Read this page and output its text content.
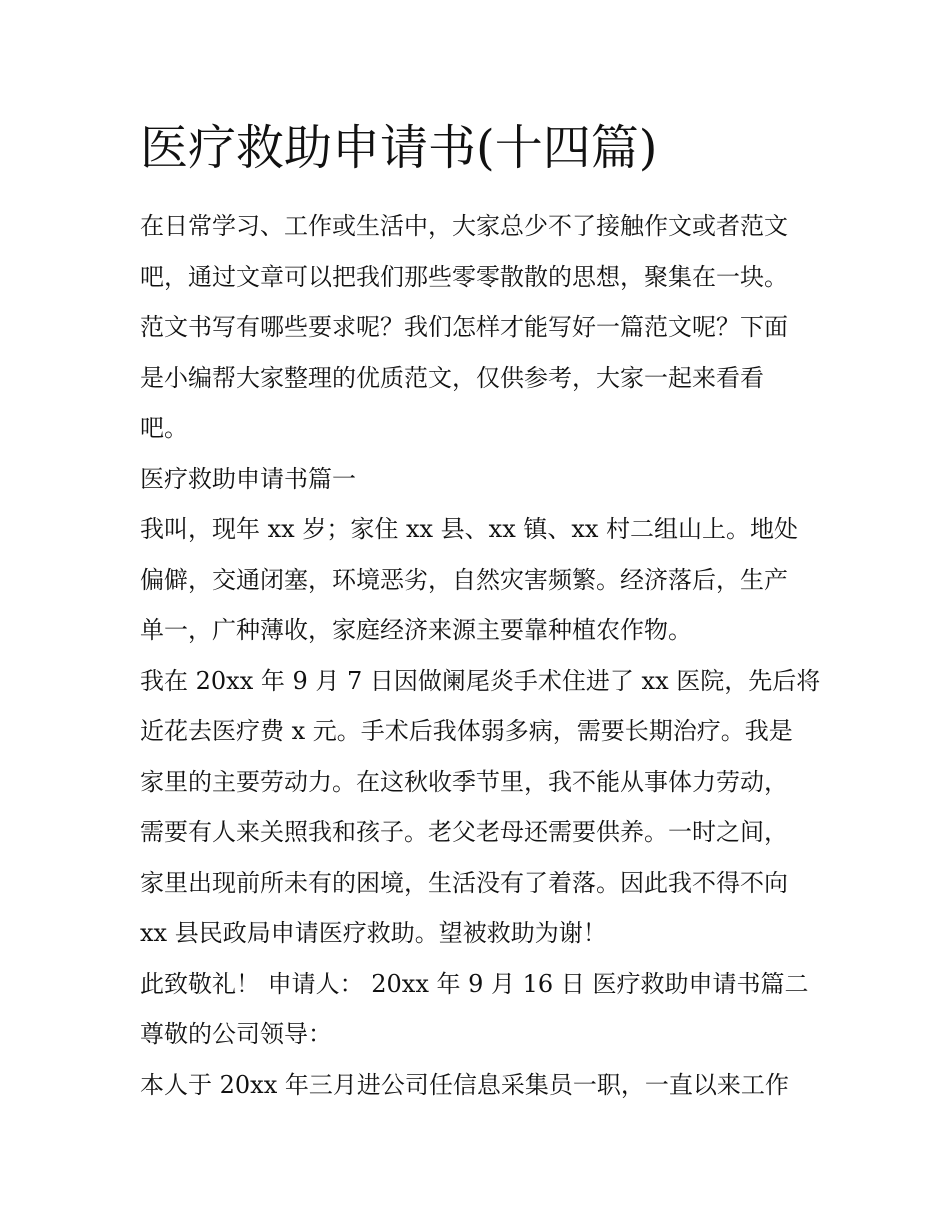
医疗救助申请书(十四篇)
在日常学习、工作或生活中，大家总少不了接触作文或者范文
吧，通过文章可以把我们那些零零散散的思想，聚集在一块。
范文书写有哪些要求呢？我们怎样才能写好一篇范文呢？下面
是小编帮大家整理的优质范文，仅供参考，大家一起来看看
吧。
医疗救助申请书篇一
我叫，现年 xx 岁；家住 xx 县、xx 镇、xx 村二组山上。地处
偏僻，交通闭塞，环境恶劣，自然灾害频繁。经济落后，生产
单一，广种薄收，家庭经济来源主要靠种植农作物。
我在 20xx 年 9 月 7 日因做阑尾炎手术住进了 xx 医院，先后将
近花去医疗费 x 元。手术后我体弱多病，需要长期治疗。我是
家里的主要劳动力。在这秋收季节里，我不能从事体力劳动，
需要有人来关照我和孩子。老父老母还需要供养。一时之间，
家里出现前所未有的困境，生活没有了着落。因此我不得不向
xx 县民政局申请医疗救助。望被救助为谢！
此致敬礼！ 申请人： 20xx 年 9 月 16 日 医疗救助申请书篇二
尊敬的公司领导：
本人于 20xx 年三月进公司任信息采集员一职，一直以来工作
